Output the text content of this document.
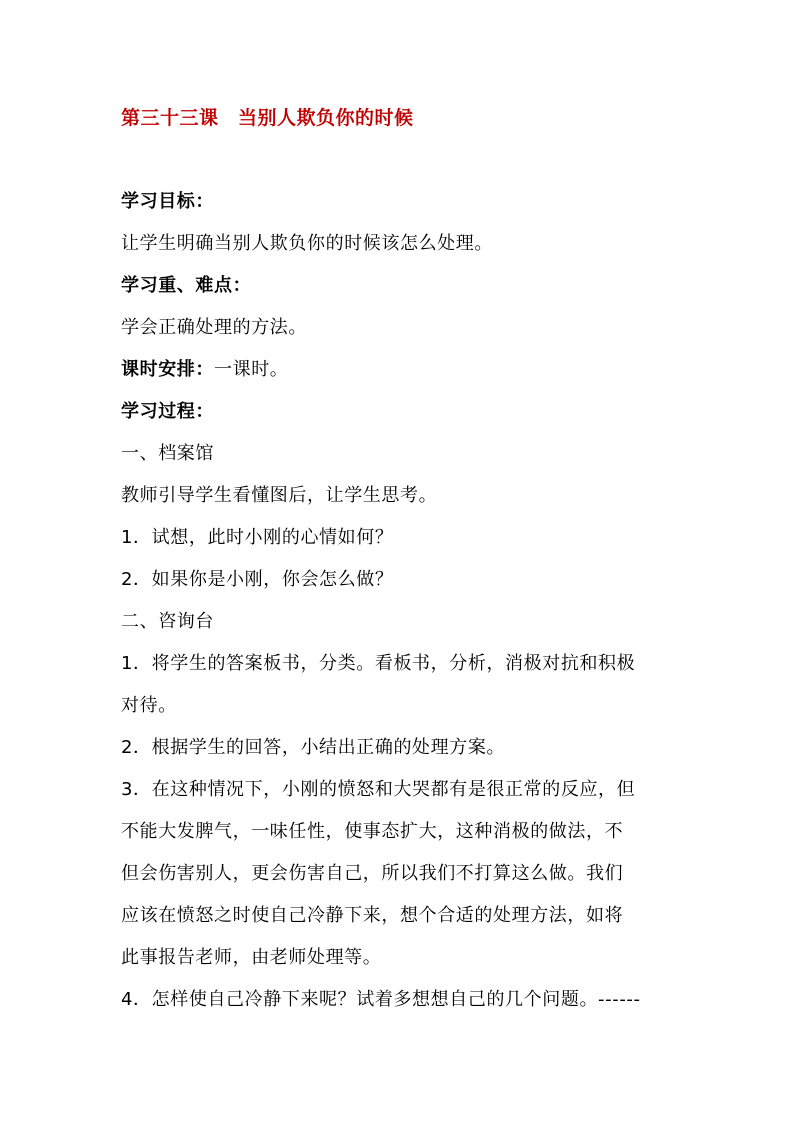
第三十三课　当别人欺负你的时候
学习目标：
让学生明确当别人欺负你的时候该怎么处理。
学习重、难点：
学会正确处理的方法。
课时安排：一课时。
学习过程：
一、档案馆
教师引导学生看懂图后，让学生思考。
1．试想，此时小刚的心情如何？
2．如果你是小刚，你会怎么做？
二、咨询台
1．将学生的答案板书，分类。看板书，分析，消极对抗和积极
对待。
2．根据学生的回答，小结出正确的处理方案。
3．在这种情况下，小刚的愤怒和大哭都有是很正常的反应，但
不能大发脾气，一味任性，使事态扩大，这种消极的做法，不
但会伤害别人，更会伤害自己，所以我们不打算这么做。我们
应该在愤怒之时使自己冷静下来，想个合适的处理方法，如将
此事报告老师，由老师处理等。
4．怎样使自己冷静下来呢？试着多想想自己的几个问题。------
